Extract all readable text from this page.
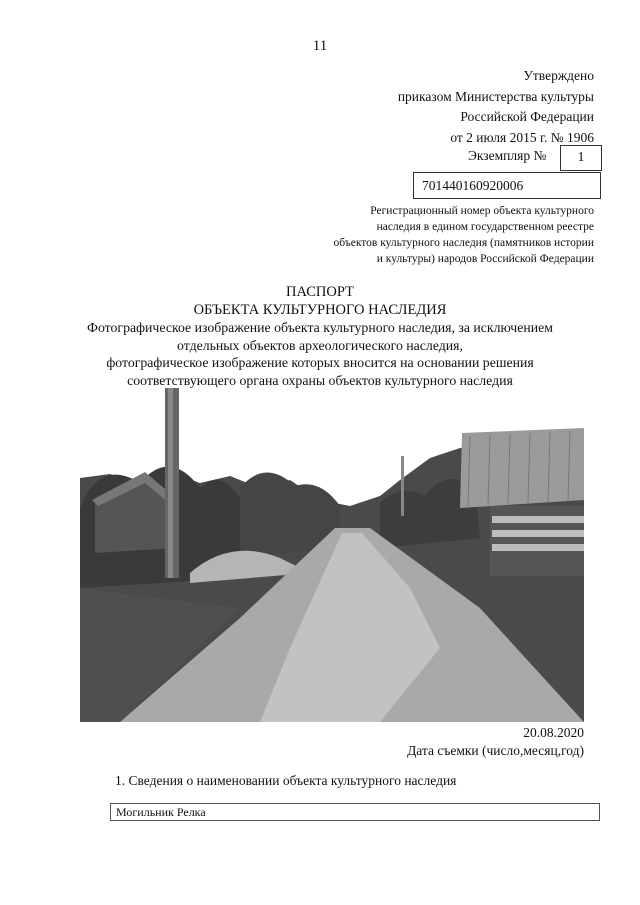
11
Утверждено
приказом Министерства культуры
Российской Федерации
от 2 июля 2015 г. № 1906
Экземпляр № 1
701440160920006
Регистрационный номер объекта культурного
наследия в едином государственном реестре
объектов культурного наследия (памятников истории
и культуры) народов Российской Федерации
ПАСПОРТ
ОБЪЕКТА КУЛЬТУРНОГО НАСЛЕДИЯ
Фотографическое изображение объекта культурного наследия, за исключением
отдельных объектов археологического наследия,
фотографическое изображение которых вносится на основании решения
соответствующего органа охраны объектов культурного наследия
20.08.2020
Дата съемки (число,месяц,год)
1. Сведения о наименовании объекта культурного наследия
Могильник Релка
